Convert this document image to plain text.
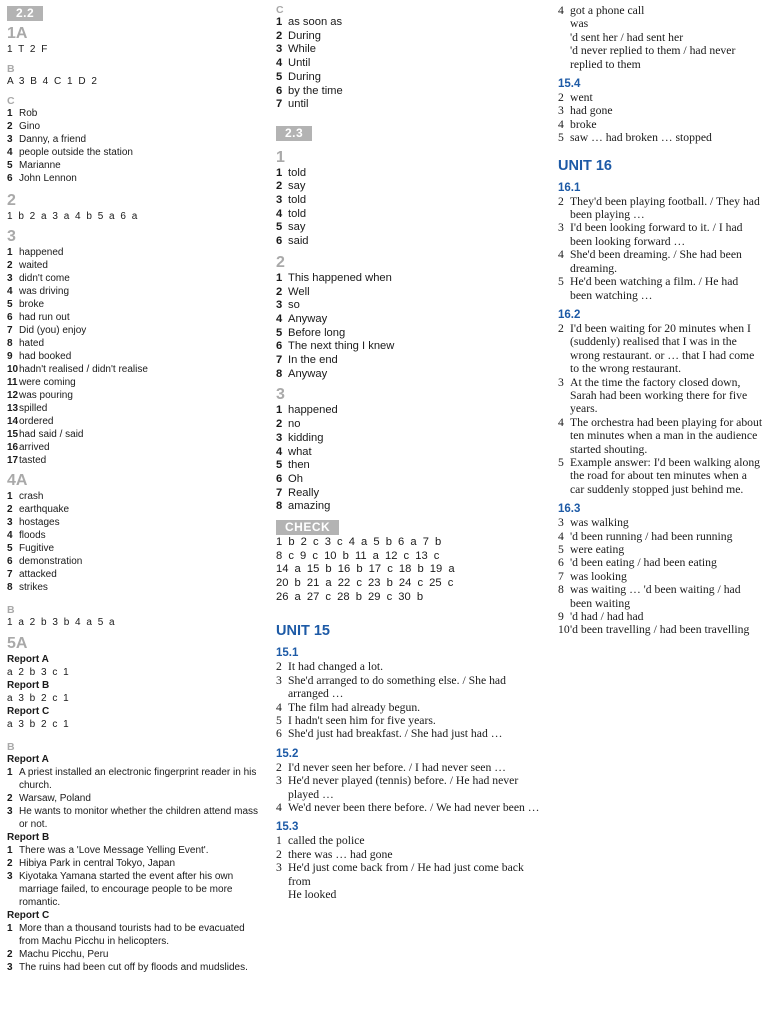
2.2
1A
1 T 2 F
B
A 3 B 4 C 1 D 2
C
1 Rob
2 Gino
3 Danny, a friend
4 people outside the station
5 Marianne
6 John Lennon
2
1 b 2 a 3 a 4 b 5 a 6 a
3
1 happened
2 waited
3 didn't come
4 was driving
5 broke
6 had run out
7 Did (you) enjoy
8 hated
9 had booked
10 hadn't realised / didn't realise
11 were coming
12 was pouring
13 spilled
14 ordered
15 had said / said
16 arrived
17 tasted
4A
1 crash
2 earthquake
3 hostages
4 floods
5 Fugitive
6 demonstration
7 attacked
8 strikes
B
1 a 2 b 3 b 4 a 5 a
5A
Report A
a 2 b 3 c 1
Report B
a 3 b 2 c 1
Report C
a 3 b 2 c 1
B
Report A
1 A priest installed an electronic fingerprint reader in his church.
2 Warsaw, Poland
3 He wants to monitor whether the children attend mass or not.
Report B
1 There was a 'Love Message Yelling Event'.
2 Hibiya Park in central Tokyo, Japan
3 Kiyotaka Yamana started the event after his own marriage failed, to encourage people to be more romantic.
Report C
1 More than a thousand tourists had to be evacuated from Machu Picchu in helicopters.
2 Machu Picchu, Peru
3 The ruins had been cut off by floods and mudslides.
C
1 as soon as
2 During
3 While
4 Until
5 During
6 by the time
7 until
2.3
1
1 told
2 say
3 told
4 told
5 say
6 said
2
1 This happened when
2 Well
3 so
4 Anyway
5 Before long
6 The next thing I knew
7 In the end
8 Anyway
3
1 happened
2 no
3 kidding
4 what
5 then
6 Oh
7 Really
8 amazing
CHECK
1 b 2 c 3 c 4 a 5 b 6 a 7 b
8 c 9 c 10 b 11 a 12 c 13 c
14 a 15 b 16 b 17 c 18 b 19 a
20 b 21 a 22 c 23 b 24 c 25 c
26 a 27 c 28 b 29 c 30 b
UNIT 15
15.1
2 It had changed a lot.
3 She'd arranged to do something else. / She had arranged …
4 The film had already begun.
5 I hadn't seen him for five years.
6 She'd just had breakfast. / She had just had …
15.2
2 I'd never seen her before. / I had never seen …
3 He'd never played (tennis) before. / He had never played …
4 We'd never been there before. / We had never been …
15.3
1 called the police
2 there was … had gone
3 He'd just come back from / He had just come back from
He looked
4 got a phone call
was
'd sent her / had sent her
'd never replied to them / had never replied to them
15.4
2 went
3 had gone
4 broke
5 saw … had broken … stopped
UNIT 16
16.1
2 They'd been playing football. / They had been playing …
3 I'd been looking forward to it. / I had been looking forward …
4 She'd been dreaming. / She had been dreaming.
5 He'd been watching a film. / He had been watching …
16.2
2 I'd been waiting for 20 minutes when I (suddenly) realised that I was in the wrong restaurant. or … that I had come to the wrong restaurant.
3 At the time the factory closed down, Sarah had been working there for five years.
4 The orchestra had been playing for about ten minutes when a man in the audience started shouting.
5 Example answer: I'd been walking along the road for about ten minutes when a car suddenly stopped just behind me.
16.3
3 was walking
4 'd been running / had been running
5 were eating
6 'd been eating / had been eating
7 was looking
8 was waiting … 'd been waiting / had been waiting
9 'd had / had had
10 'd been travelling / had been travelling
